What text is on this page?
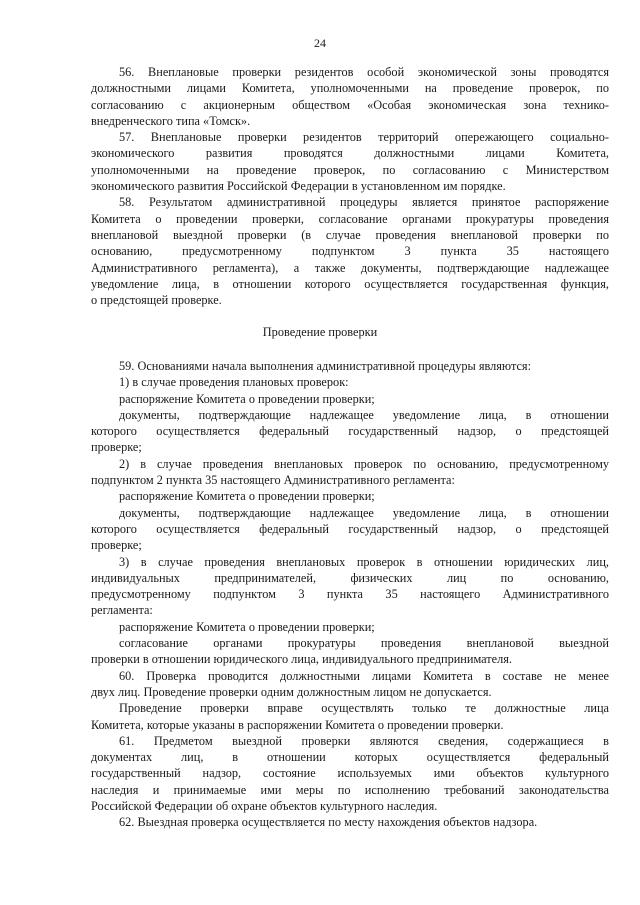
24
56. Внеплановые проверки резидентов особой экономической зоны проводятся
должностными лицами Комитета, уполномоченными на проведение проверок, по
согласованию с акционерным обществом «Особая экономическая зона технико-
внедренческого типа «Томск».
57. Внеплановые проверки резидентов территорий опережающего социально-
экономического развития проводятся должностными лицами Комитета,
уполномоченными на проведение проверок, по согласованию с Министерством
экономического развития Российской Федерации в установленном им порядке.
58. Результатом административной процедуры является принятое распоряжение
Комитета о проведении проверки, согласование органами прокуратуры проведения
внеплановой выездной проверки (в случае проведения внеплановой проверки по
основанию, предусмотренному подпунктом 3 пункта 35 настоящего
Административного регламента), а также документы, подтверждающие надлежащее
уведомление лица, в отношении которого осуществляется государственная функция,
о предстоящей проверке.
Проведение проверки
59. Основаниями начала выполнения административной процедуры являются:
1) в случае проведения плановых проверок:
распоряжение Комитета о проведении проверки;
документы, подтверждающие надлежащее уведомление лица, в отношении
которого осуществляется федеральный государственный надзор, о предстоящей
проверке;
2) в случае проведения внеплановых проверок по основанию, предусмотренному
подпунктом 2 пункта 35 настоящего Административного регламента:
распоряжение Комитета о проведении проверки;
документы, подтверждающие надлежащее уведомление лица, в отношении
которого осуществляется федеральный государственный надзор, о предстоящей
проверке;
3) в случае проведения внеплановых проверок в отношении юридических лиц,
индивидуальных предпринимателей, физических лиц по основанию,
предусмотренному подпунктом 3 пункта 35 настоящего Административного
регламента:
распоряжение Комитета о проведении проверки;
согласование органами прокуратуры проведения внеплановой выездной
проверки в отношении юридического лица, индивидуального предпринимателя.
60. Проверка проводится должностными лицами Комитета в составе не менее
двух лиц. Проведение проверки одним должностным лицом не допускается.
Проведение проверки вправе осуществлять только те должностные лица
Комитета, которые указаны в распоряжении Комитета о проведении проверки.
61. Предметом выездной проверки являются сведения, содержащиеся в
документах лиц, в отношении которых осуществляется федеральный
государственный надзор, состояние используемых ими объектов культурного
наследия и принимаемые ими меры по исполнению требований законодательства
Российской Федерации об охране объектов культурного наследия.
62. Выездная проверка осуществляется по месту нахождения объектов надзора.
